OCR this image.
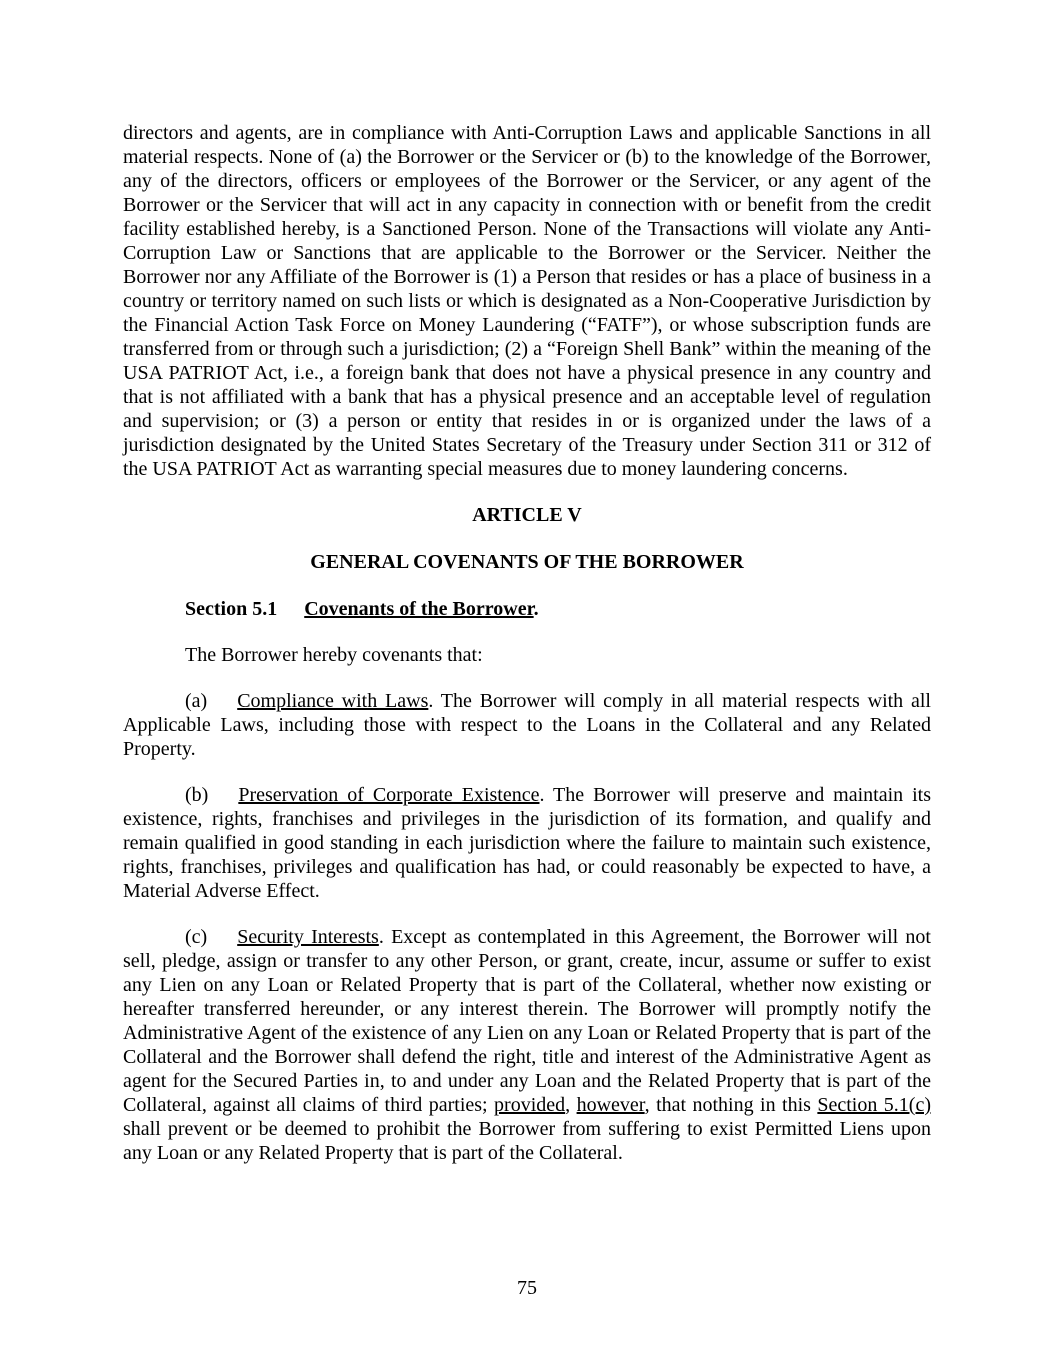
directors and agents, are in compliance with Anti-Corruption Laws and applicable Sanctions in all material respects. None of (a) the Borrower or the Servicer or (b) to the knowledge of the Borrower, any of the directors, officers or employees of the Borrower or the Servicer, or any agent of the Borrower or the Servicer that will act in any capacity in connection with or benefit from the credit facility established hereby, is a Sanctioned Person. None of the Transactions will violate any Anti-Corruption Law or Sanctions that are applicable to the Borrower or the Servicer. Neither the Borrower nor any Affiliate of the Borrower is (1) a Person that resides or has a place of business in a country or territory named on such lists or which is designated as a Non-Cooperative Jurisdiction by the Financial Action Task Force on Money Laundering (“FATF”), or whose subscription funds are transferred from or through such a jurisdiction; (2) a “Foreign Shell Bank” within the meaning of the USA PATRIOT Act, i.e., a foreign bank that does not have a physical presence in any country and that is not affiliated with a bank that has a physical presence and an acceptable level of regulation and supervision; or (3) a person or entity that resides in or is organized under the laws of a jurisdiction designated by the United States Secretary of the Treasury under Section 311 or 312 of the USA PATRIOT Act as warranting special measures due to money laundering concerns.

ARTICLE V

GENERAL COVENANTS OF THE BORROWER

Section 5.1 Covenants of the Borrower.

The Borrower hereby covenants that:

(a) Compliance with Laws. The Borrower will comply in all material respects with all Applicable Laws, including those with respect to the Loans in the Collateral and any Related Property.

(b) Preservation of Corporate Existence. The Borrower will preserve and maintain its existence, rights, franchises and privileges in the jurisdiction of its formation, and qualify and remain qualified in good standing in each jurisdiction where the failure to maintain such existence, rights, franchises, privileges and qualification has had, or could reasonably be expected to have, a Material Adverse Effect.

(c) Security Interests. Except as contemplated in this Agreement, the Borrower will not sell, pledge, assign or transfer to any other Person, or grant, create, incur, assume or suffer to exist any Lien on any Loan or Related Property that is part of the Collateral, whether now existing or hereafter transferred hereunder, or any interest therein. The Borrower will promptly notify the Administrative Agent of the existence of any Lien on any Loan or Related Property that is part of the Collateral and the Borrower shall defend the right, title and interest of the Administrative Agent as agent for the Secured Parties in, to and under any Loan and the Related Property that is part of the Collateral, against all claims of third parties; provided, however, that nothing in this Section 5.1(c) shall prevent or be deemed to prohibit the Borrower from suffering to exist Permitted Liens upon any Loan or any Related Property that is part of the Collateral.

75
